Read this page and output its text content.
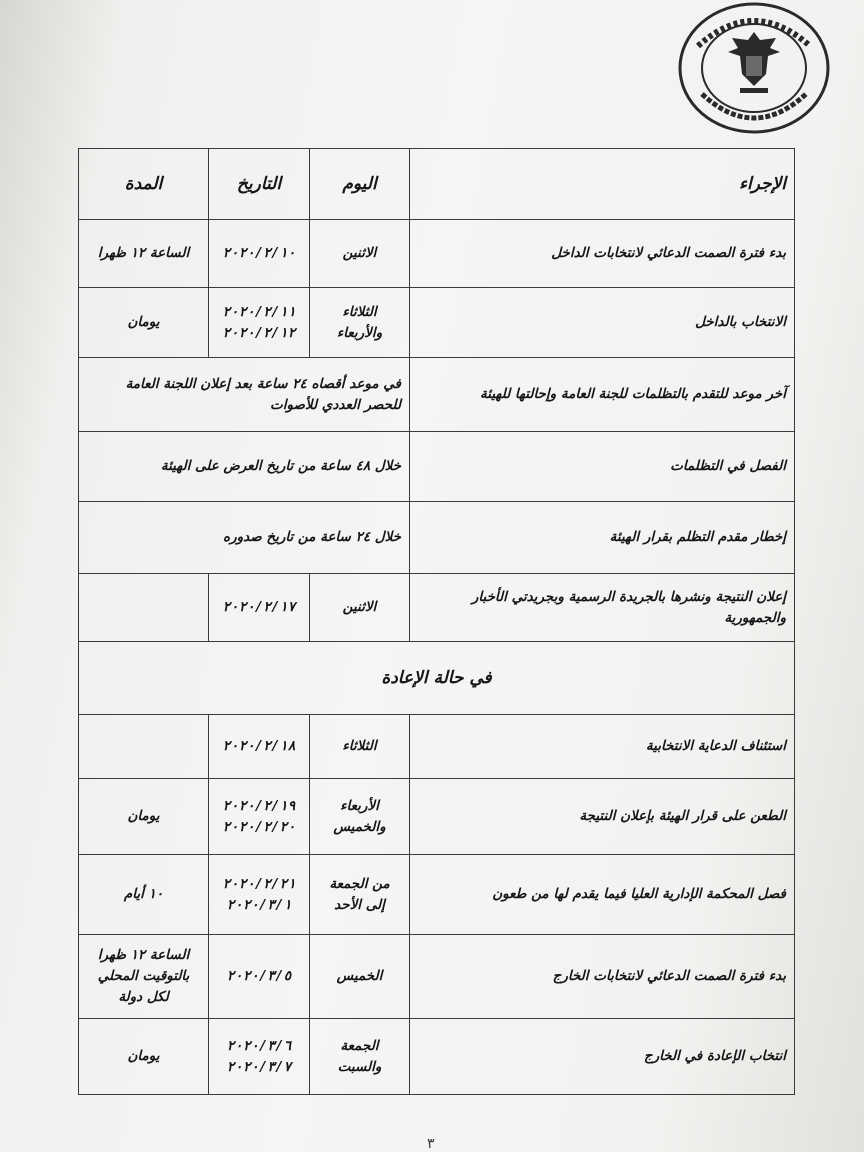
الإجراء	اليوم	التاريخ	المدة
بدء فترة الصمت الدعائي لانتخابات الداخل	الاثنين	٢٠٢٠/٢/١٠	الساعة ١٢ ظهرا
الانتخاب بالداخل	الثلاثاء والأربعاء	٢٠٢٠/٢/١١ ٢٠٢٠/٢/١٢	يومان
آخر موعد للتقدم بالتظلمات للجنة العامة وإحالتها للهيئة	في موعد أقصاه ٢٤ ساعة بعد إعلان اللجنة العامة للحصر العددي للأصوات		
الفصل في التظلمات	خلال ٤٨ ساعة من تاريخ العرض على الهيئة		
إخطار مقدم التظلم بقرار الهيئة	خلال ٢٤ ساعة من تاريخ صدوره		
إعلان النتيجة ونشرها بالجريدة الرسمية وبجريدتي الأخبار والجمهورية	الاثنين	٢٠٢٠/٢/١٧	
في حالة الإعادة			
استئناف الدعاية الانتخابية	الثلاثاء	٢٠٢٠/٢/١٨	
الطعن على قرار الهيئة بإعلان النتيجة	الأربعاء والخميس	٢٠٢٠/٢/١٩ ٢٠٢٠/٢/٢٠	يومان
فصل المحكمة الإدارية العليا فيما يقدم لها من طعون	من الجمعة إلى الأحد	٢٠٢٠/٢/٢١ ٢٠٢٠/٣/١	١٠ أيام
بدء فترة الصمت الدعائي لانتخابات الخارج	الخميس	٢٠٢٠/٣/٥	الساعة ١٢ ظهرا بالتوقيت المحلي لكل دولة
انتخاب الإعادة في الخارج	الجمعة والسبت	٢٠٢٠/٣/٦ ٢٠٢٠/٣/٧	يومان
٣
